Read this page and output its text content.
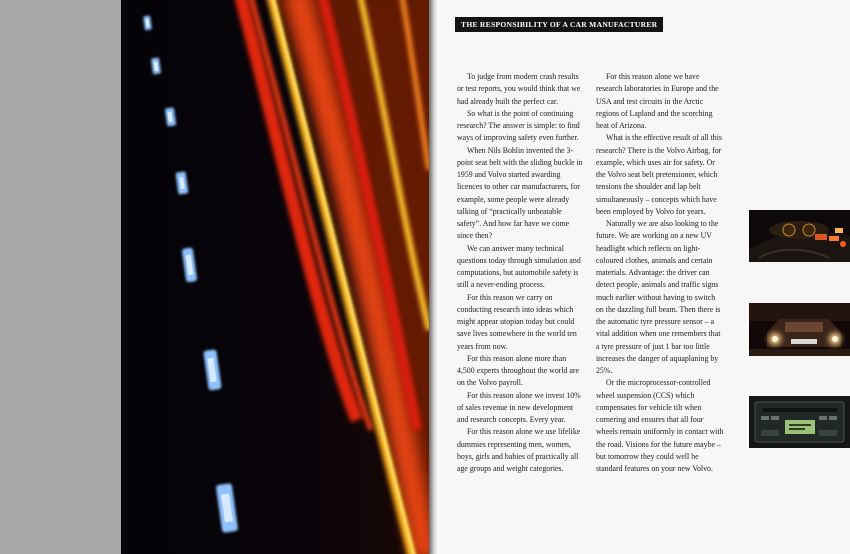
THE RESPONSIBILITY OF A CAR MANUFACTURER

To judge from modern crash results or test reports, you would think that we had already built the perfect car.

So what is the point of continuing research? The answer is simple: to find ways of improving safety even further.

When Nils Bohlin invented the 3-point seat belt with the sliding buckle in 1959 and Volvo started awarding licences to other car manufacturers, for example, some people were already talking of “practically unbeatable safety”. And how far have we come since then?

We can answer many technical questions today through simulation and computations, but automobile safety is still a never-ending process.

For this reason we carry on conducting research into ideas which might appear utopian today but could save lives somewhere in the world ten years from now.

For this reason alone more than 4,500 experts throughout the world are on the Volvo payroll.

For this reason alone we invest 10% of sales revenue in new development and research concepts. Every year.

For this reason alone we use lifelike dummies representing men, women, boys, girls and babies of practically all age groups and weight categories.

For this reason alone we have research laboratories in Europe and the USA and test circuits in the Arctic regions of Lapland and the scorching heat of Arizona.

What is the effective result of all this research? There is the Volvo Airbag, for example, which uses air for safety. Or the Volvo seat belt pretensioner, which tensions the shoulder and lap belt simultaneously – concepts which have been employed by Volvo for years.

Naturally we are also looking to the future. We are working on a new UV headlight which reflects on light-coloured clothes, animals and certain materials. Advantage: the driver can detect people, animals and traffic signs much earlier without having to switch on the dazzling full beam. Then there is the automatic tyre pressure sensor – a vital addition when one remembers that a tyre pressure of just 1 bar too little increases the danger of aquaplaning by 25%.

Or the microprocessor-controlled wheel suspension (CCS) which compensates for vehicle tilt when cornering and ensures that all four wheels remain uniformly in contact with the road. Visions for the future maybe – but tomorrow they could well be standard features on your new Volvo.
